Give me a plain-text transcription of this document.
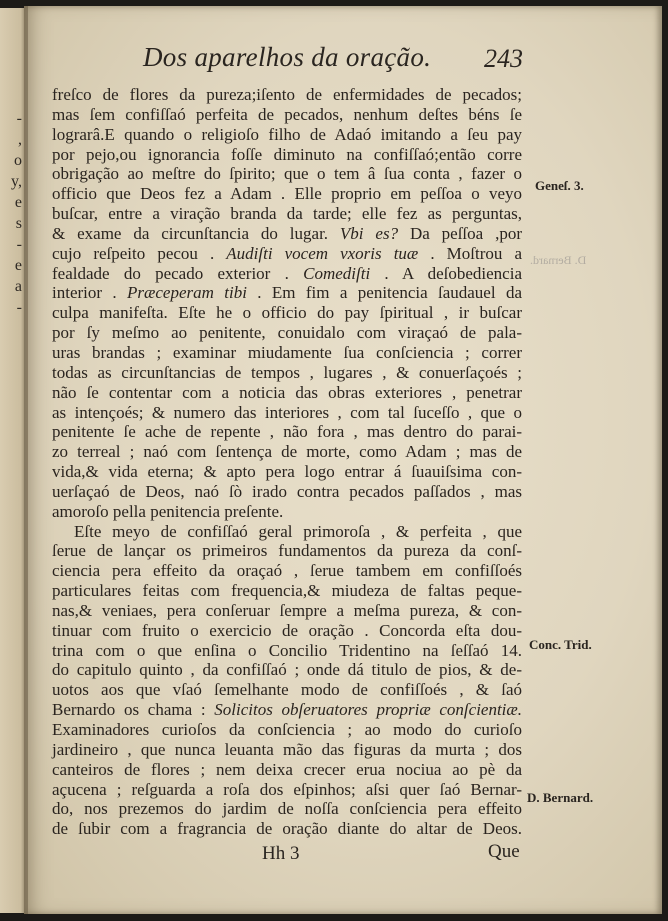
-
,
o
y,
e
s
-
e
a
-
Dos aparelhos da oração. 243
freſco de flores da pureza;iſento de enfermidades de pecados;
mas ſem confiſſaó perfeita de pecados, nenhum deſtes béns ſe
lograrâ.E quando o religioſo filho de Adaó imitando a ſeu pay
por pejo,ou ignorancia foſſe diminuto na confiſſaó;então corre
obrigação ao meſtre do ſpirito; que o tem â ſua conta , fazer o
officio que Deos fez a Adam . Elle proprio em peſſoa o veyo
buſcar, entre a viração branda da tarde; elle fez as perguntas,
& exame da circunſtancia do lugar. Vbi es? Da peſſoa ,por
cujo reſpeito pecou . Audiſti vocem vxoris tuæ . Moſtrou a
fealdade do pecado exterior . Comediſti . A deſobediencia
interior . Præceperam tibi . Em fim a penitencia ſaudauel da
culpa manifeſta. Eſte he o officio do pay ſpiritual , ir buſcar
por ſy meſmo ao penitente, conuidalo com viraçaó de pala-
uras brandas ; examinar miudamente ſua conſciencia ; correr
todas as circunſtancias de tempos , lugares , & conuerſaçoés ;
não ſe contentar com a noticia das obras exteriores , penetrar
as intençoés; & numero das interiores , com tal ſuceſſo , que o
penitente ſe ache de repente , não fora , mas dentro do parai-
zo terreal ; naó com ſentença de morte, como Adam ; mas de
vida,& vida eterna; & apto pera logo entrar á ſuauiſsima con-
uerſaçaó de Deos, naó ſò irado contra pecados paſſados , mas
amoroſo pella penitencia preſente.
Eſte meyo de confiſſaó geral primoroſa , & perfeita , que
ſerue de lançar os primeiros fundamentos da pureza da conſ-
ciencia pera effeito da oraçaó , ſerue tambem em confiſſoés
particulares feitas com frequencia,& miudeza de faltas peque-
nas,& veniaes, pera conſeruar ſempre a meſma pureza, & con-
tinuar com fruito o exercicio de oração . Concorda eſta dou-
trina com o que enſina o Concilio Tridentino na ſeſſaó 14.
do capitulo quinto , da confiſſaó ; onde dá titulo de pios, & de-
uotos aos que vſaó ſemelhante modo de confiſſoés , & ſaó
Bernardo os chama : Solicitos obſeruatores propriæ conſcientiæ.
Examinadores curioſos da conſciencia ; ao modo do curioſo
jardineiro , que nunca leuanta mão das figuras da murta ; dos
canteiros de flores ; nem deixa crecer erua nociua ao pè da
açucena ; reſguarda a roſa dos eſpinhos; aſsi quer ſaó Bernar-
do, nos prezemos do jardim de noſſa conſciencia pera effeito
de ſubir com a fragrancia de oração diante do altar de Deos.
Geneſ. 3.
D. Bernard.
Conc. Trid.
D. Bernard.
Hh 3	Que
